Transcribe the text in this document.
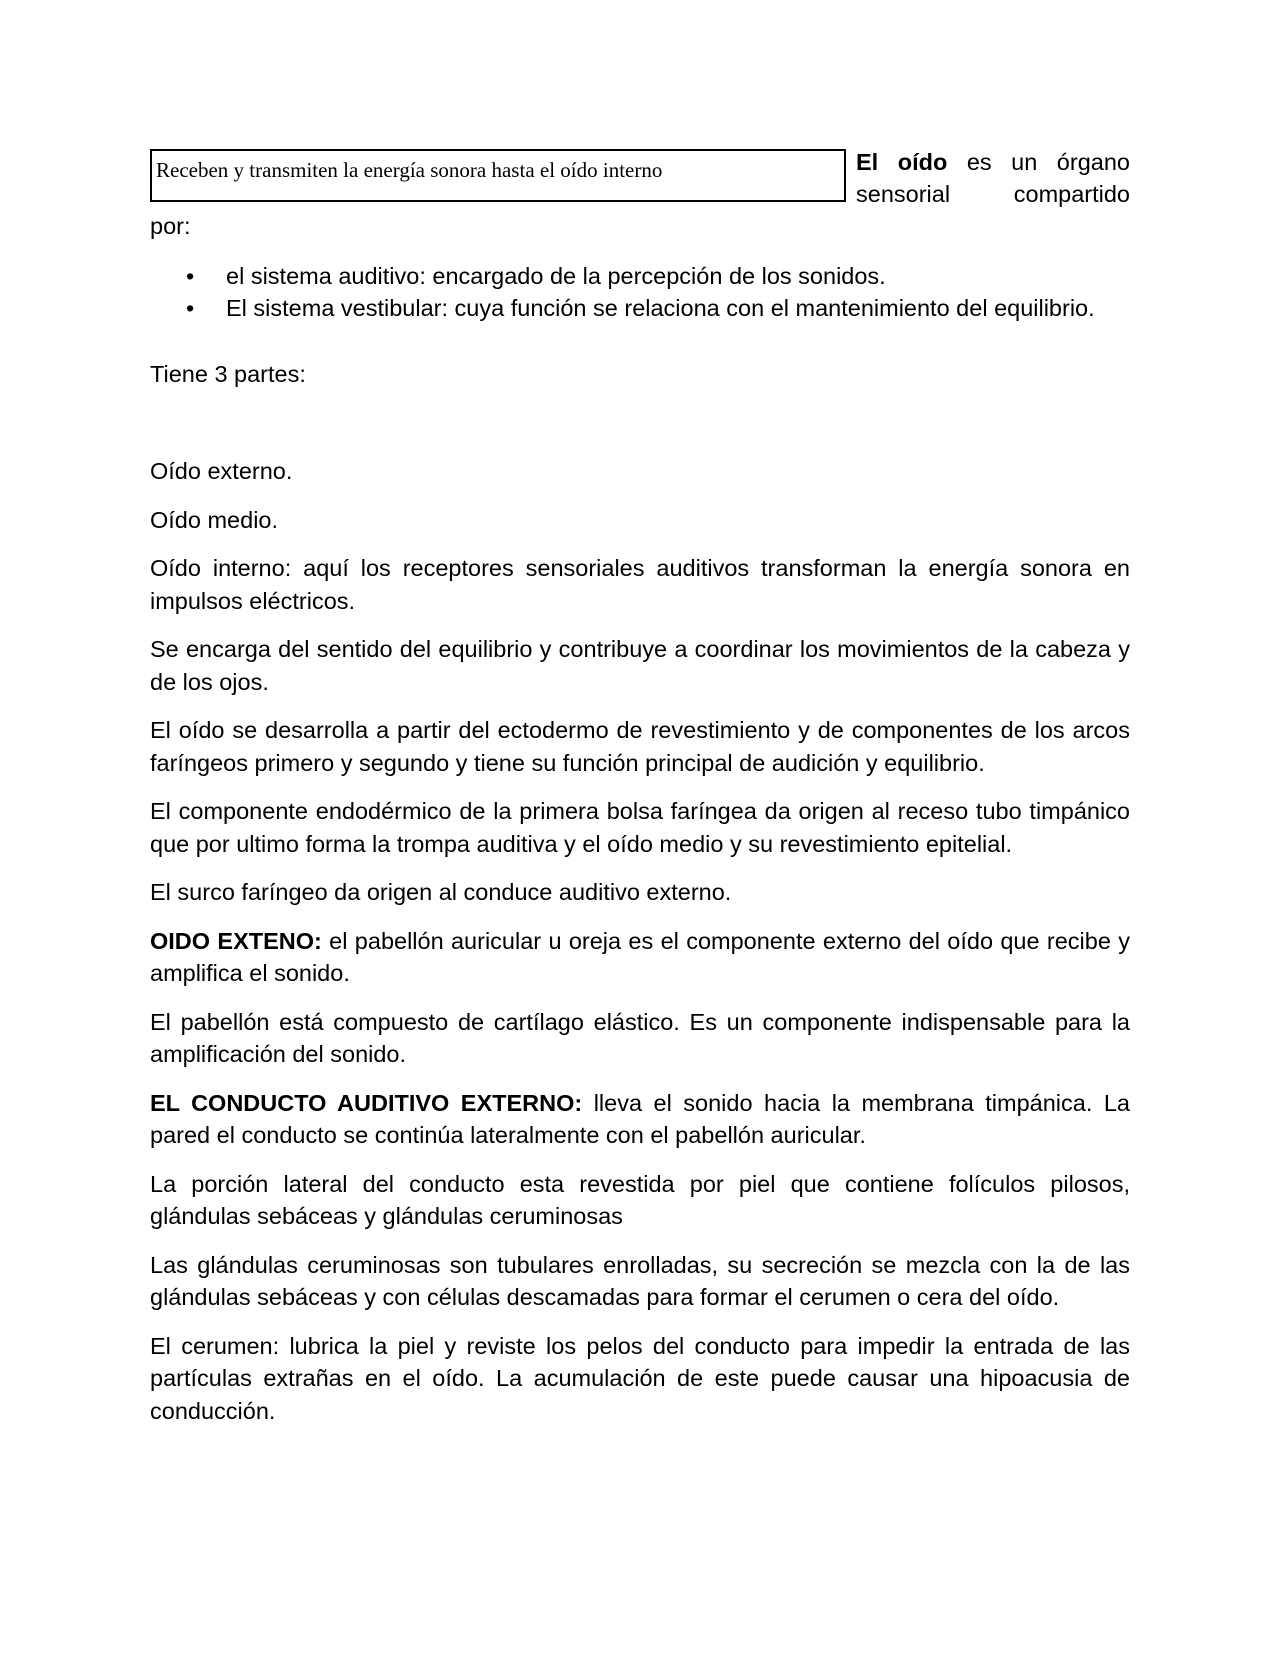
Receben y transmiten la energía sonora hasta el oído interno	El oído es un órgano
sensorial compartido
por:
• el sistema auditivo: encargado de la percepción de los sonidos.
• El sistema vestibular: cuya función se relaciona con el mantenimiento del equilibrio.
Tiene 3 partes:

Oído externo.

Oído medio.

Oído interno: aquí los receptores sensoriales auditivos transforman la energía sonora en impulsos eléctricos.

Se encarga del sentido del equilibrio y contribuye a coordinar los movimientos de la cabeza y de los ojos.

El oído se desarrolla a partir del ectodermo de revestimiento y de componentes de los arcos faríngeos primero y segundo y tiene su función principal de audición y equilibrio.

El componente endodérmico de la primera bolsa faríngea da origen al receso tubo timpánico que por ultimo forma la trompa auditiva y el oído medio y su revestimiento epitelial.

El surco faríngeo da origen al conduce auditivo externo.

OIDO EXTENO: el pabellón auricular u oreja es el componente externo del oído que recibe y amplifica el sonido.

El pabellón está compuesto de cartílago elástico. Es un componente indispensable para la amplificación del sonido.

EL CONDUCTO AUDITIVO EXTERNO: lleva el sonido hacia la membrana timpánica. La pared el conducto se continúa lateralmente con el pabellón auricular.

La porción lateral del conducto esta revestida por piel que contiene folículos pilosos, glándulas sebáceas y glándulas ceruminosas

Las glándulas ceruminosas son tubulares enrolladas, su secreción se mezcla con la de las glándulas sebáceas y con células descamadas para formar el cerumen o cera del oído.

El cerumen: lubrica la piel y reviste los pelos del conducto para impedir la entrada de las partículas extrañas en el oído. La acumulación de este puede causar una hipoacusia de conducción.
